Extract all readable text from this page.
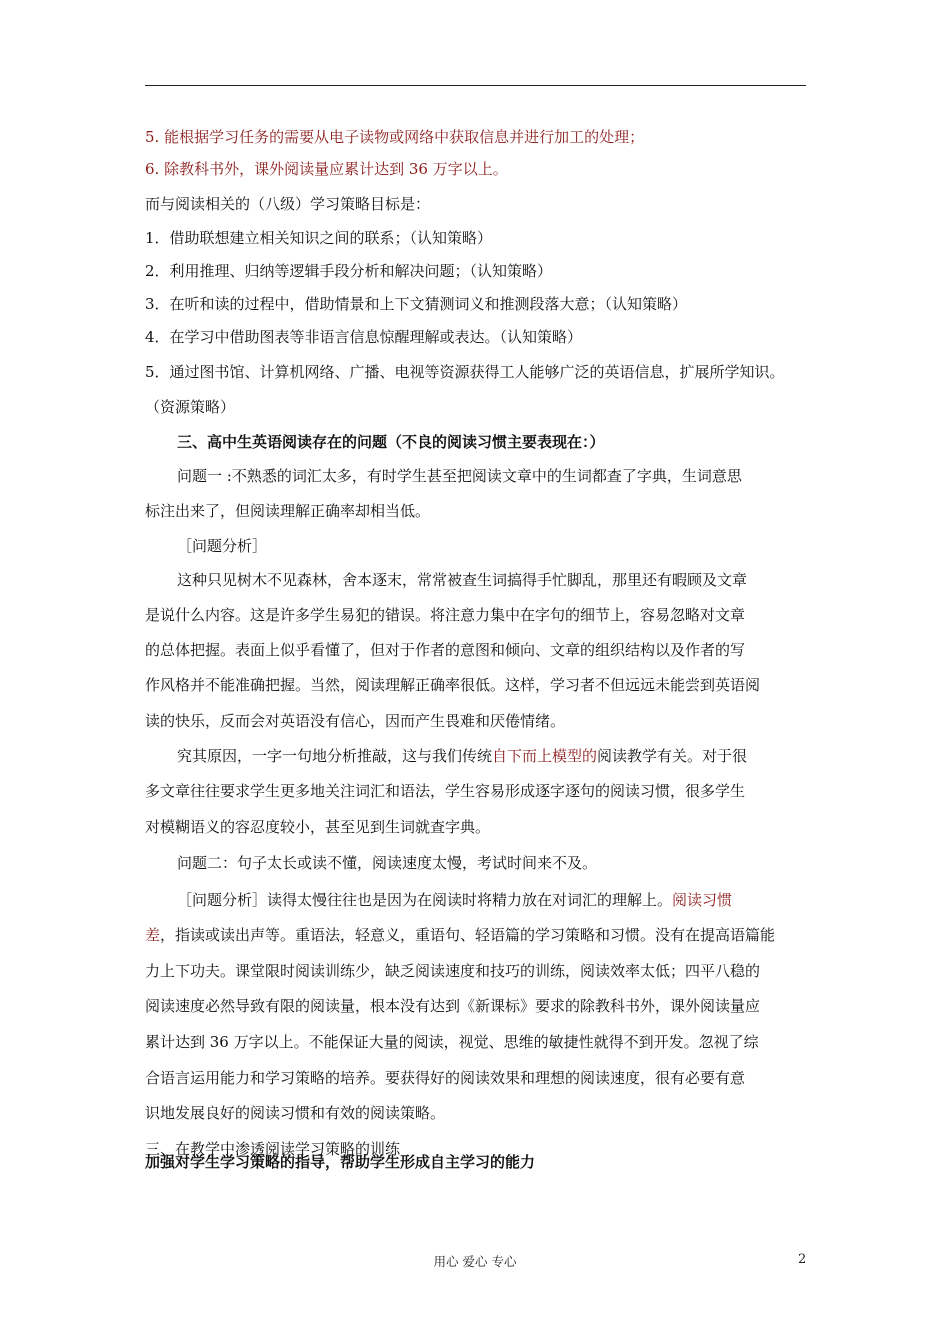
5. 能根据学习任务的需要从电子读物或网络中获取信息并进行加工的处理；
6. 除教科书外，课外阅读量应累计达到 36 万字以上。
而与阅读相关的（八级）学习策略目标是：
1．借助联想建立相关知识之间的联系；（认知策略）
2．利用推理、归纳等逻辑手段分析和解决问题；（认知策略）
3．在听和读的过程中，借助情景和上下文猜测词义和推测段落大意；（认知策略）
4．在学习中借助图表等非语言信息惊醒理解或表达。（认知策略）
5．通过图书馆、计算机网络、广播、电视等资源获得工人能够广泛的英语信息，扩展所学知识。
（资源策略）
三、高中生英语阅读存在的问题（不良的阅读习惯主要表现在：）
问题一 :不熟悉的词汇太多，有时学生甚至把阅读文章中的生词都查了字典，生词意思
标注出来了，但阅读理解正确率却相当低。
［问题分析］
这种只见树木不见森林，舍本逐末，常常被查生词搞得手忙脚乱，那里还有暇顾及文章
是说什么内容。这是许多学生易犯的错误。将注意力集中在字句的细节上，容易忽略对文章
的总体把握。表面上似乎看懂了，但对于作者的意图和倾向、文章的组织结构以及作者的写
作风格并不能准确把握。当然，阅读理解正确率很低。这样，学习者不但远远未能尝到英语阅
读的快乐，反而会对英语没有信心，因而产生畏难和厌倦情绪。
究其原因，一字一句地分析推敲，这与我们传统自下而上模型的阅读教学有关。对于很
多文章往往要求学生更多地关注词汇和语法，学生容易形成逐字逐句的阅读习惯，很多学生
对模糊语义的容忍度较小，甚至见到生词就查字典。
问题二：句子太长或读不懂，阅读速度太慢，考试时间来不及。
［问题分析］读得太慢往往也是因为在阅读时将精力放在对词汇的理解上。阅读习惯
差，指读或读出声等。重语法，轻意义，重语句、轻语篇的学习策略和习惯。没有在提高语篇能
力上下功夫。课堂限时阅读训练少，缺乏阅读速度和技巧的训练，阅读效率太低；四平八稳的
阅读速度必然导致有限的阅读量，根本没有达到《新课标》要求的除教科书外，课外阅读量应
累计达到 36 万字以上。不能保证大量的阅读，视觉、思维的敏捷性就得不到开发。忽视了综
合语言运用能力和学习策略的培养。要获得好的阅读效果和理想的阅读速度，很有必要有意
识地发展良好的阅读习惯和有效的阅读策略。
三、在教学中渗透阅读学习策略的训练
加强对学生学习策略的指导，帮助学生形成自主学习的能力
用心 爱心 专心	2
